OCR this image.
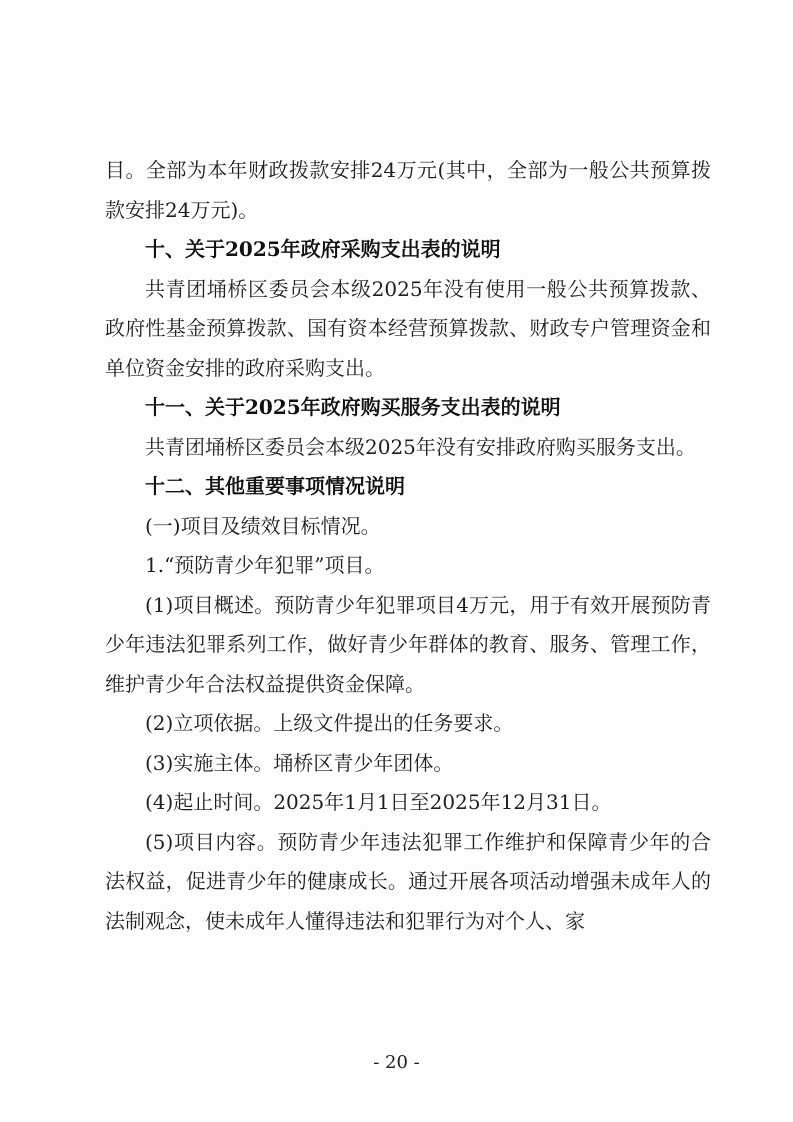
目。全部为本年财政拨款安排24万元(其中，全部为一般公共预算拨款安排24万元)。

十、关于2025年政府采购支出表的说明

共青团埇桥区委员会本级2025年没有使用一般公共预算拨款、政府性基金预算拨款、国有资本经营预算拨款、财政专户管理资金和单位资金安排的政府采购支出。

十一、关于2025年政府购买服务支出表的说明

共青团埇桥区委员会本级2025年没有安排政府购买服务支出。

十二、其他重要事项情况说明

(一)项目及绩效目标情况。

1.“预防青少年犯罪”项目。

(1)项目概述。预防青少年犯罪项目4万元，用于有效开展预防青少年违法犯罪系列工作，做好青少年群体的教育、服务、管理工作，维护青少年合法权益提供资金保障。

(2)立项依据。上级文件提出的任务要求。

(3)实施主体。埇桥区青少年团体。

(4)起止时间。2025年1月1日至2025年12月31日。

(5)项目内容。预防青少年违法犯罪工作维护和保障青少年的合法权益，促进青少年的健康成长。通过开展各项活动增强未成年人的法制观念，使未成年人懂得违法和犯罪行为对个人、家

- 20 -
